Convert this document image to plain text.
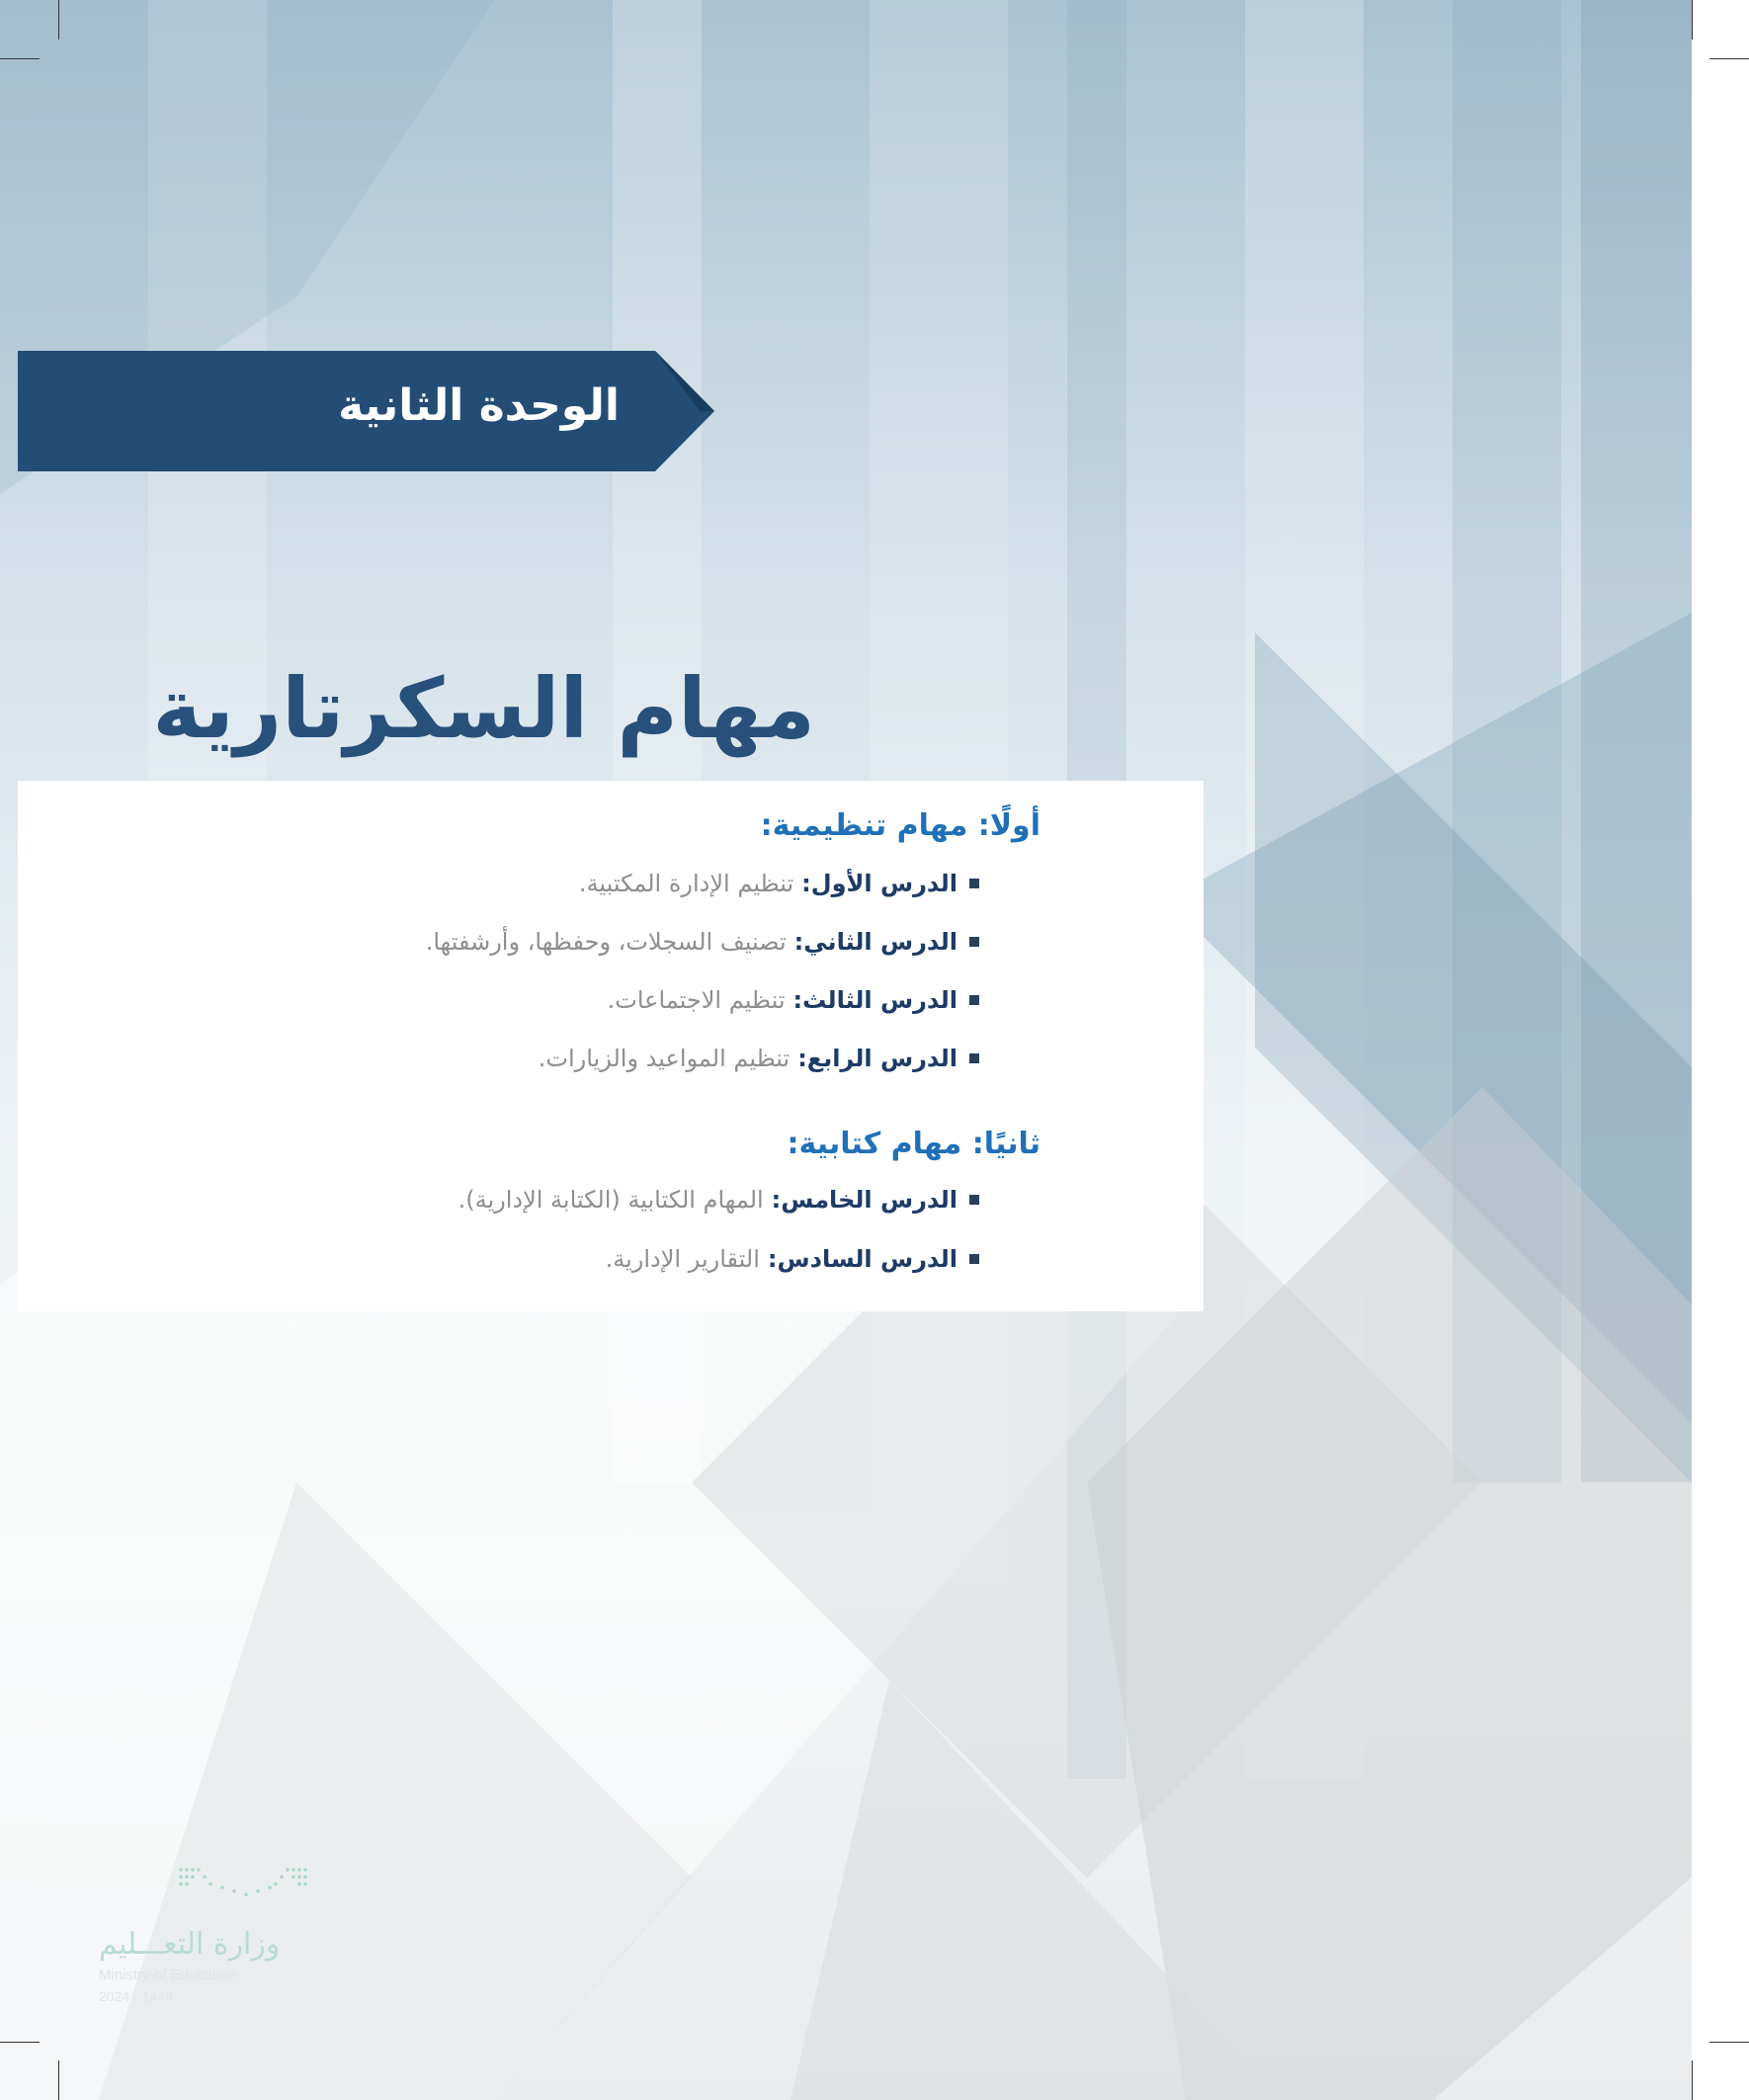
الوحدة الثانية
مهام السكرتارية
أولًا: مهام تنظيمية:
الدرس الأول:
تنظيم الإدارة المكتبية.
الدرس الثاني:
تصنيف السجلات، وحفظها، وأرشفتها.
الدرس الثالث:
تنظيم الاجتماعات.
الدرس الرابع:
تنظيم المواعيد والزيارات.
ثانيًا: مهام كتابية:
الدرس الخامس:
المهام الكتابية (الكتابة الإدارية).
الدرس السادس:
التقارير الإدارية.
وزارة التعـــليم
Ministry of Education
2024 - 1446
